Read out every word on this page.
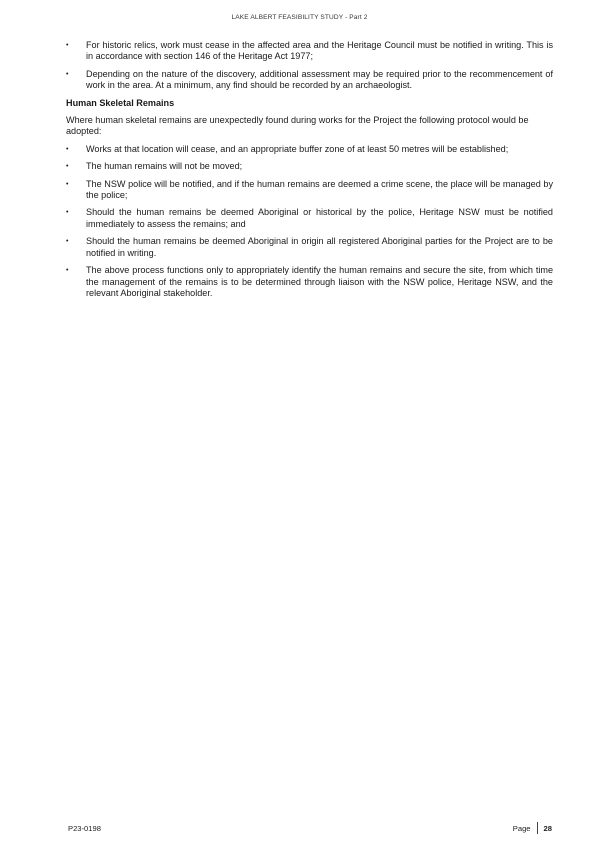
LAKE ALBERT FEASIBILITY STUDY - Part 2
•	For historic relics, work must cease in the affected area and the Heritage Council must be notified in writing. This is in accordance with section 146 of the Heritage Act 1977;
•	Depending on the nature of the discovery, additional assessment may be required prior to the recommencement of work in the area. At a minimum, any find should be recorded by an archaeologist.
Human Skeletal Remains
Where human skeletal remains are unexpectedly found during works for the Project the following protocol would be adopted:
•	Works at that location will cease, and an appropriate buffer zone of at least 50 metres will be established;
•	The human remains will not be moved;
•	The NSW police will be notified, and if the human remains are deemed a crime scene, the place will be managed by the police;
•	Should the human remains be deemed Aboriginal or historical by the police, Heritage NSW must be notified immediately to assess the remains; and
•	Should the human remains be deemed Aboriginal in origin all registered Aboriginal parties for the Project are to be notified in writing.
•	The above process functions only to appropriately identify the human remains and secure the site, from which time the management of the remains is to be determined through liaison with the NSW police, Heritage NSW, and the relevant Aboriginal stakeholder.
P23-0198	Page	28
